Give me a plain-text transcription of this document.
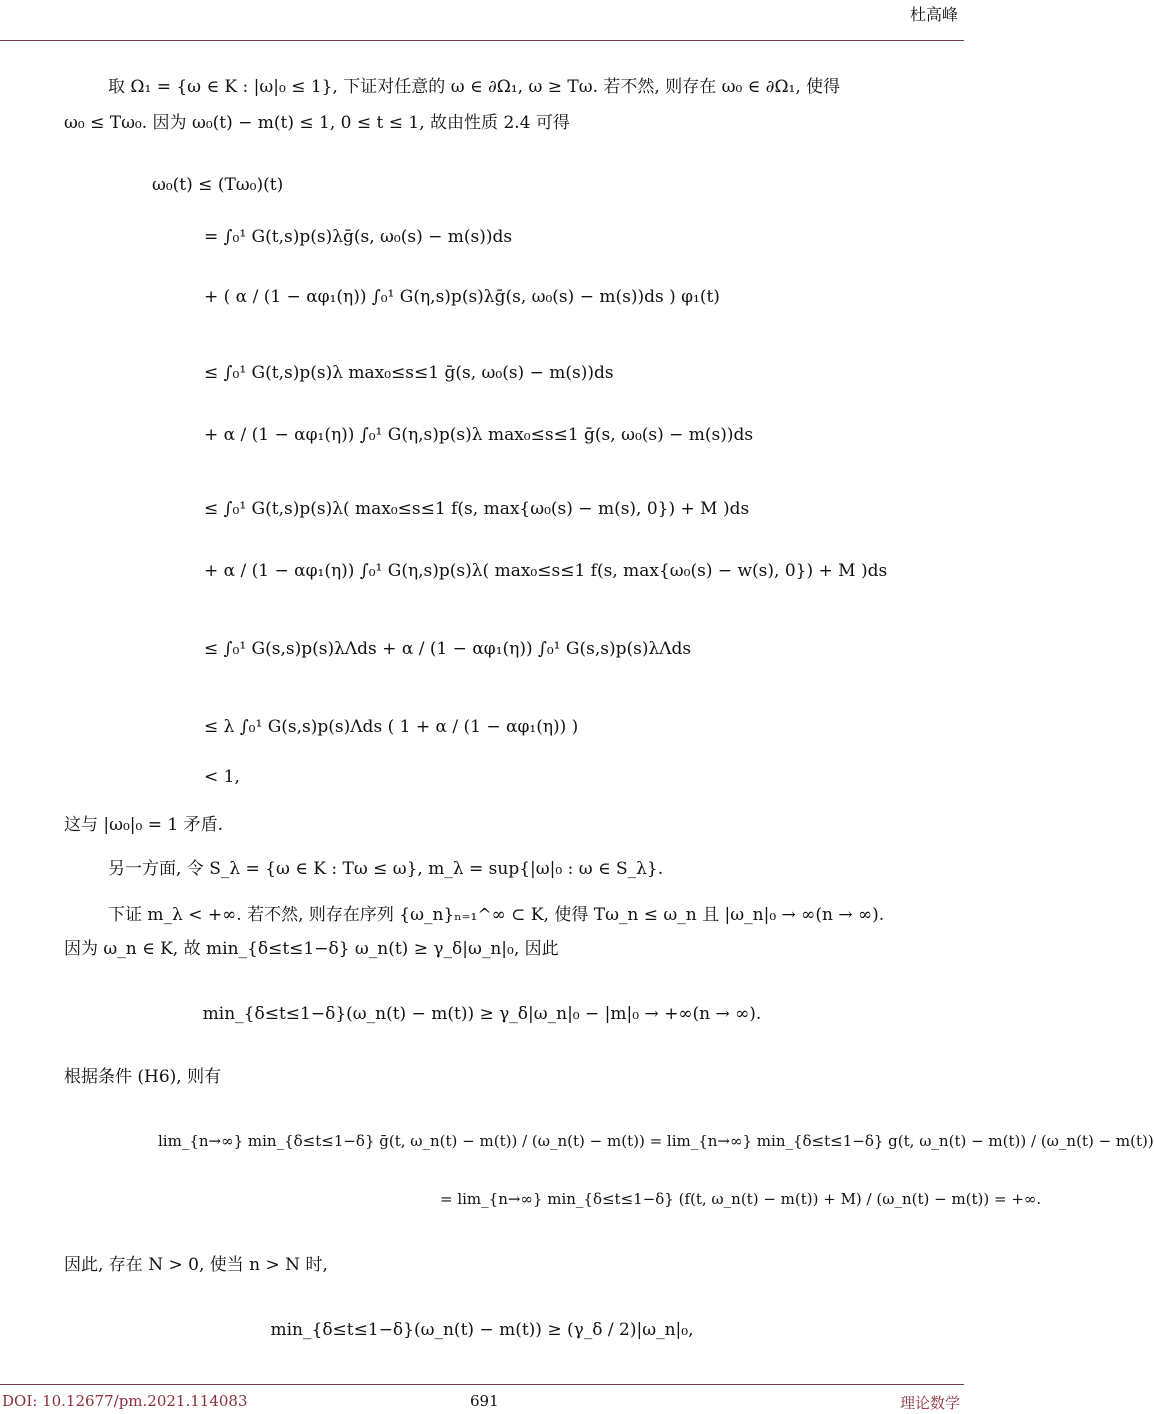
杜高峰
取 Ω₁ = {ω ∈ K : |ω|₀ ≤ 1}, 下证对任意的 ω ∈ ∂Ω₁, ω ≥ Tω. 若不然, 则存在 ω₀ ∈ ∂Ω₁, 使得
ω₀ ≤ Tω₀. 因为 ω₀(t) − m(t) ≤ 1, 0 ≤ t ≤ 1, 故由性质 2.4 可得
ω₀(t) ≤ (Tω₀)(t)
= ∫₀¹ G(t,s)p(s)λḡ(s, ω₀(s) − m(s))ds
+ ( α / (1 − αφ₁(η)) ∫₀¹ G(η,s)p(s)λḡ(s, ω₀(s) − m(s))ds ) φ₁(t)
≤ ∫₀¹ G(t,s)p(s)λ max₀≤s≤1 ḡ(s, ω₀(s) − m(s))ds
+ α / (1 − αφ₁(η)) ∫₀¹ G(η,s)p(s)λ max₀≤s≤1 ḡ(s, ω₀(s) − m(s))ds
≤ ∫₀¹ G(t,s)p(s)λ( max₀≤s≤1 f(s, max{ω₀(s) − m(s), 0}) + M )ds
+ α / (1 − αφ₁(η)) ∫₀¹ G(η,s)p(s)λ( max₀≤s≤1 f(s, max{ω₀(s) − w(s), 0}) + M )ds
≤ ∫₀¹ G(s,s)p(s)λΛds + α / (1 − αφ₁(η)) ∫₀¹ G(s,s)p(s)λΛds
≤ λ ∫₀¹ G(s,s)p(s)Λds ( 1 + α / (1 − αφ₁(η)) )
< 1,
这与 |ω₀|₀ = 1 矛盾.
另一方面, 令 S_λ = {ω ∈ K : Tω ≤ ω}, m_λ = sup{|ω|₀ : ω ∈ S_λ}.
下证 m_λ < +∞. 若不然, 则存在序列 {ω_n}ₙ₌₁^∞ ⊂ K, 使得 Tω_n ≤ ω_n 且 |ω_n|₀ → ∞(n → ∞).
因为 ω_n ∈ K, 故 min_{δ≤t≤1−δ} ω_n(t) ≥ γ_δ|ω_n|₀, 因此
min_{δ≤t≤1−δ}(ω_n(t) − m(t)) ≥ γ_δ|ω_n|₀ − |m|₀ → +∞(n → ∞).
根据条件 (H6), 则有
lim_{n→∞} min_{δ≤t≤1−δ} ḡ(t, ω_n(t) − m(t)) / (ω_n(t) − m(t)) = lim_{n→∞} min_{δ≤t≤1−δ} g(t, ω_n(t) − m(t)) / (ω_n(t) − m(t))
= lim_{n→∞} min_{δ≤t≤1−δ} (f(t, ω_n(t) − m(t)) + M) / (ω_n(t) − m(t)) = +∞.
因此, 存在 N > 0, 使当 n > N 时,
min_{δ≤t≤1−δ}(ω_n(t) − m(t)) ≥ (γ_δ / 2)|ω_n|₀,
DOI: 10.12677/pm.2021.114083	691	理论数学
